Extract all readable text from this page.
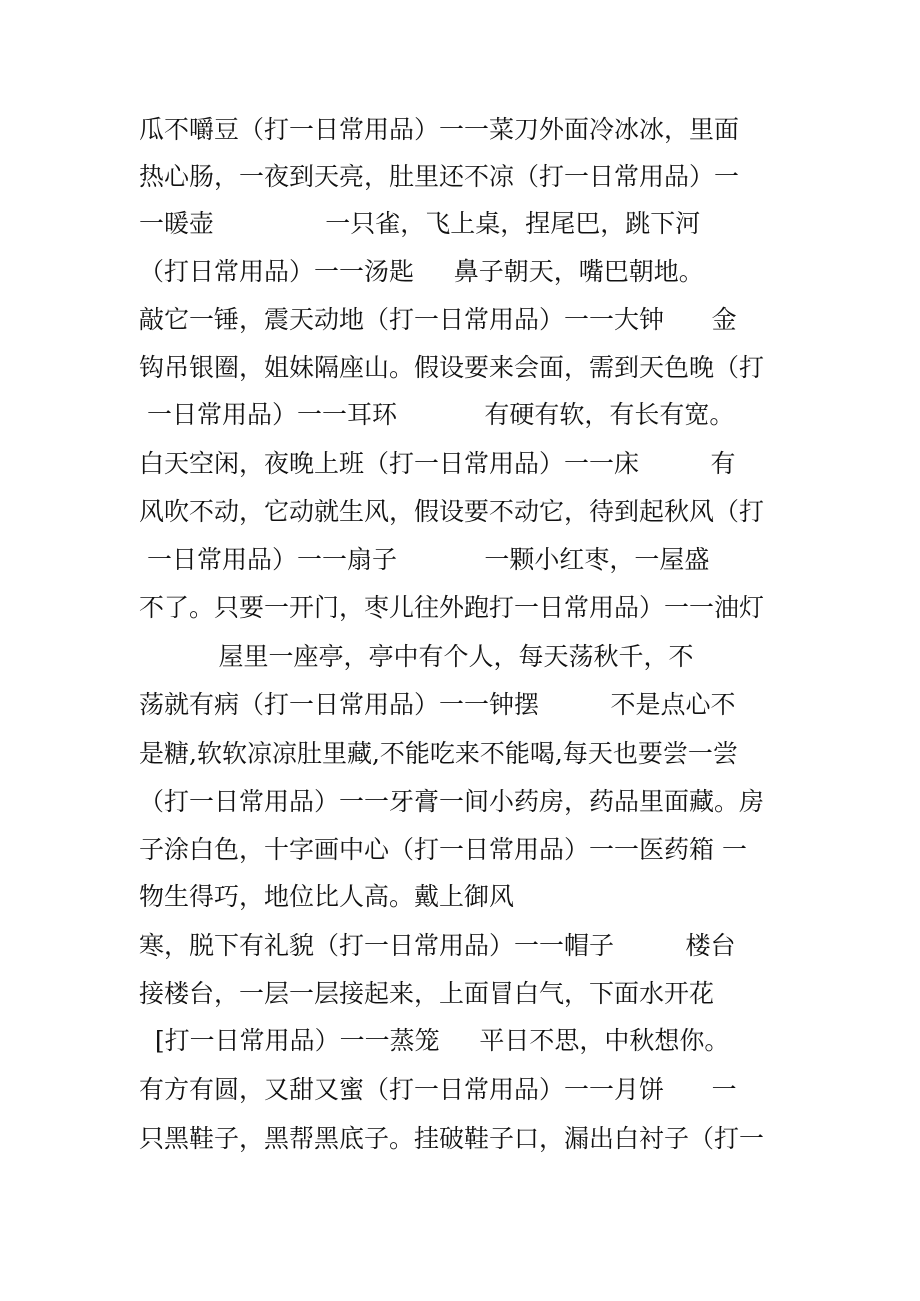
瓜不嚼豆（打一日常用品）一一菜刀外面冷冰冰，里面
热心肠，一夜到天亮，肚里还不凉（打一日常用品）一
一暖壶              一只雀，飞上桌，捏尾巴，跳下河
（打日常用品）一一汤匙     鼻子朝天，嘴巴朝地。
敲它一锤，震天动地（打一日常用品）一一大钟      金
钩吊银圈，姐妹隔座山。假设要来会面，需到天色晚（打
一日常用品）一一耳环           有硬有软，有长有宽。
白天空闲，夜晚上班（打一日常用品）一一床         有
风吹不动，它动就生风，假设要不动它，待到起秋风（打
一日常用品）一一扇子           一颗小红枣，一屋盛
不了。只要一开门，枣儿往外跑打一日常用品）一一油灯
屋里一座亭，亭中有个人，每天荡秋千，不
荡就有病（打一日常用品）一一钟摆         不是点心不
是糖,软软凉凉肚里藏,不能吃来不能喝,每天也要尝一尝
（打一日常用品）一一牙膏一间小药房，药品里面藏。房
子涂白色，十字画中心（打一日常用品）一一医药箱 一
物生得巧，地位比人高。戴上御风
寒，脱下有礼貌（打一日常用品）一一帽子         楼台
接楼台，一层一层接起来，上面冒白气，下面水开花
[打一日常用品）一一蒸笼     平日不思，中秋想你。
有方有圆，又甜又蜜（打一日常用品）一一月饼      一
只黑鞋子，黑帮黑底子。挂破鞋子口，漏出白衬子（打一
